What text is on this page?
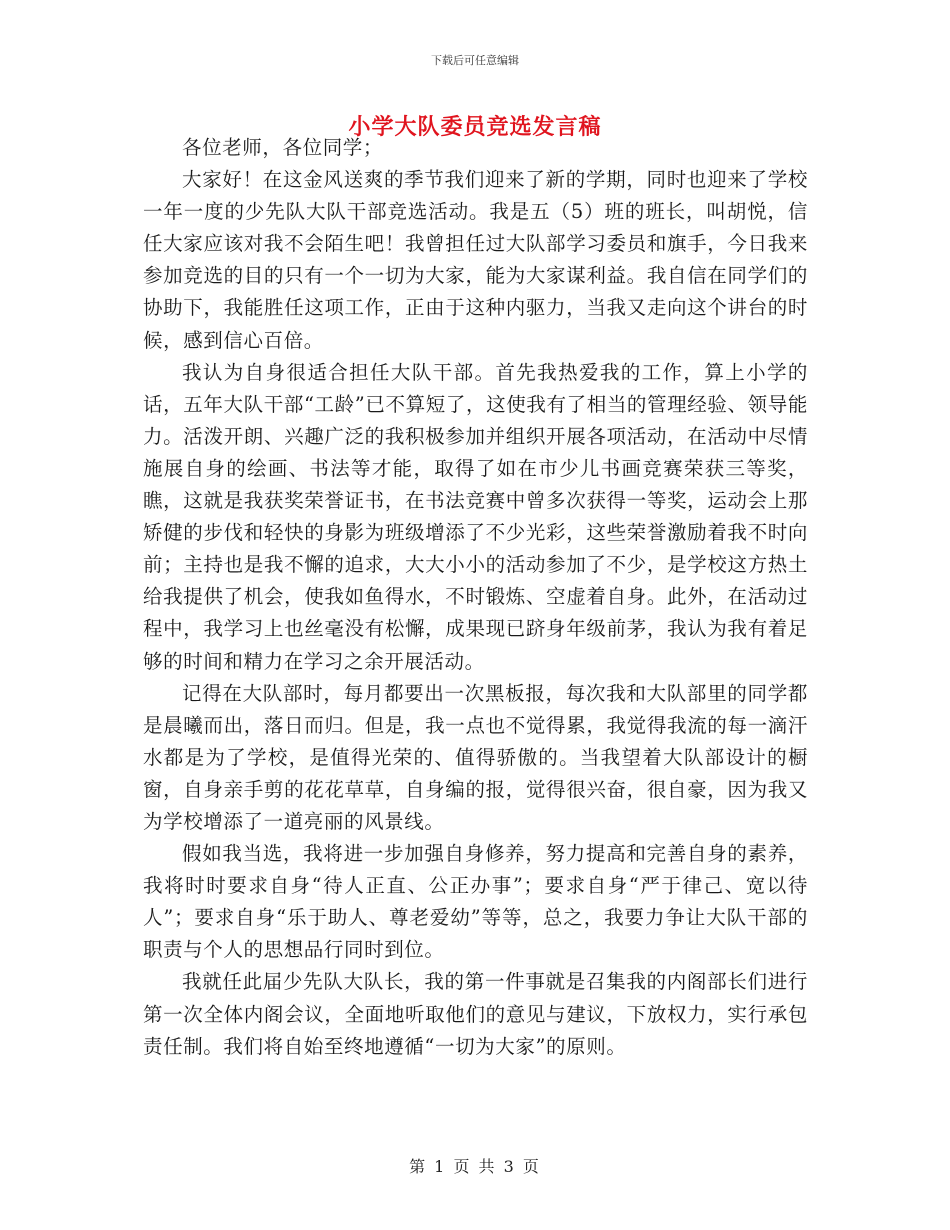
下载后可任意编辑
小学大队委员竞选发言稿

各位老师，各位同学；

大家好！在这金风送爽的季节我们迎来了新的学期，同时也迎来了学校一年一度的少先队大队干部竞选活动。我是五（5）班的班长，叫胡悦，信任大家应该对我不会陌生吧！我曾担任过大队部学习委员和旗手，今日我来参加竞选的目的只有一个一切为大家，能为大家谋利益。我自信在同学们的协助下，我能胜任这项工作，正由于这种内驱力，当我又走向这个讲台的时候，感到信心百倍。

我认为自身很适合担任大队干部。首先我热爱我的工作，算上小学的话，五年大队干部“工龄”已不算短了，这使我有了相当的管理经验、领导能力。活泼开朗、兴趣广泛的我积极参加并组织开展各项活动，在活动中尽情施展自身的绘画、书法等才能，取得了如在市少儿书画竞赛荣获三等奖，瞧，这就是我获奖荣誉证书，在书法竞赛中曾多次获得一等奖，运动会上那矫健的步伐和轻快的身影为班级增添了不少光彩，这些荣誉激励着我不时向前；主持也是我不懈的追求，大大小小的活动参加了不少，是学校这方热土给我提供了机会，使我如鱼得水，不时锻炼、空虚着自身。此外，在活动过程中，我学习上也丝毫没有松懈，成果现已跻身年级前茅，我认为我有着足够的时间和精力在学习之余开展活动。

记得在大队部时，每月都要出一次黑板报，每次我和大队部里的同学都是晨曦而出，落日而归。但是，我一点也不觉得累，我觉得我流的每一滴汗水都是为了学校，是值得光荣的、值得骄傲的。当我望着大队部设计的橱窗，自身亲手剪的花花草草，自身编的报，觉得很兴奋，很自豪，因为我又为学校增添了一道亮丽的风景线。

假如我当选，我将进一步加强自身修养，努力提高和完善自身的素养，我将时时要求自身“待人正直、公正办事”；要求自身“严于律己、宽以待人”；要求自身“乐于助人、尊老爱幼”等等，总之，我要力争让大队干部的职责与个人的思想品行同时到位。

我就任此届少先队大队长，我的第一件事就是召集我的内阁部长们进行第一次全体内阁会议，全面地听取他们的意见与建议，下放权力，实行承包责任制。我们将自始至终地遵循“一切为大家”的原则。

第 1 页 共 3 页
